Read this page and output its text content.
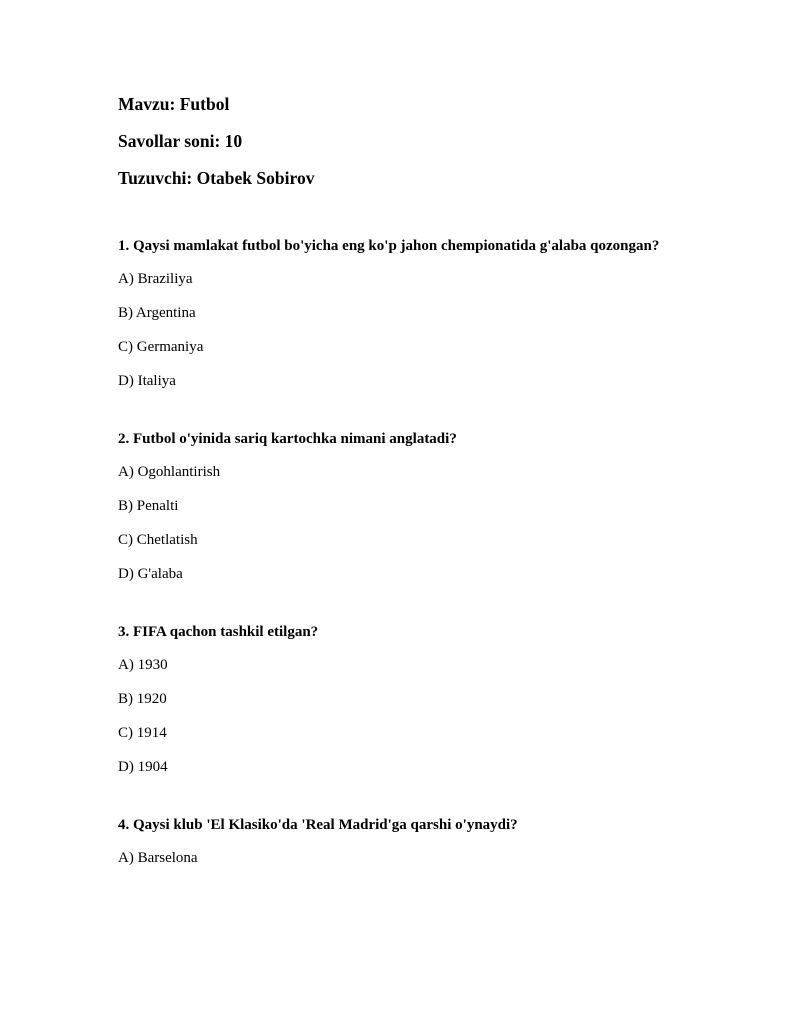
Mavzu: Futbol

Savollar soni: 10

Tuzuvchi: Otabek Sobirov

1. Qaysi mamlakat futbol bo'yicha eng ko'p jahon chempionatida g'alaba qozongan?

A) Braziliya

B) Argentina

C) Germaniya

D) Italiya

2. Futbol o'yinida sariq kartochka nimani anglatadi?

A) Ogohlantirish

B) Penalti

C) Chetlatish

D) G'alaba

3. FIFA qachon tashkil etilgan?

A) 1930

B) 1920

C) 1914

D) 1904

4. Qaysi klub 'El Klasiko'da 'Real Madrid'ga qarshi o'ynaydi?

A) Barselona
